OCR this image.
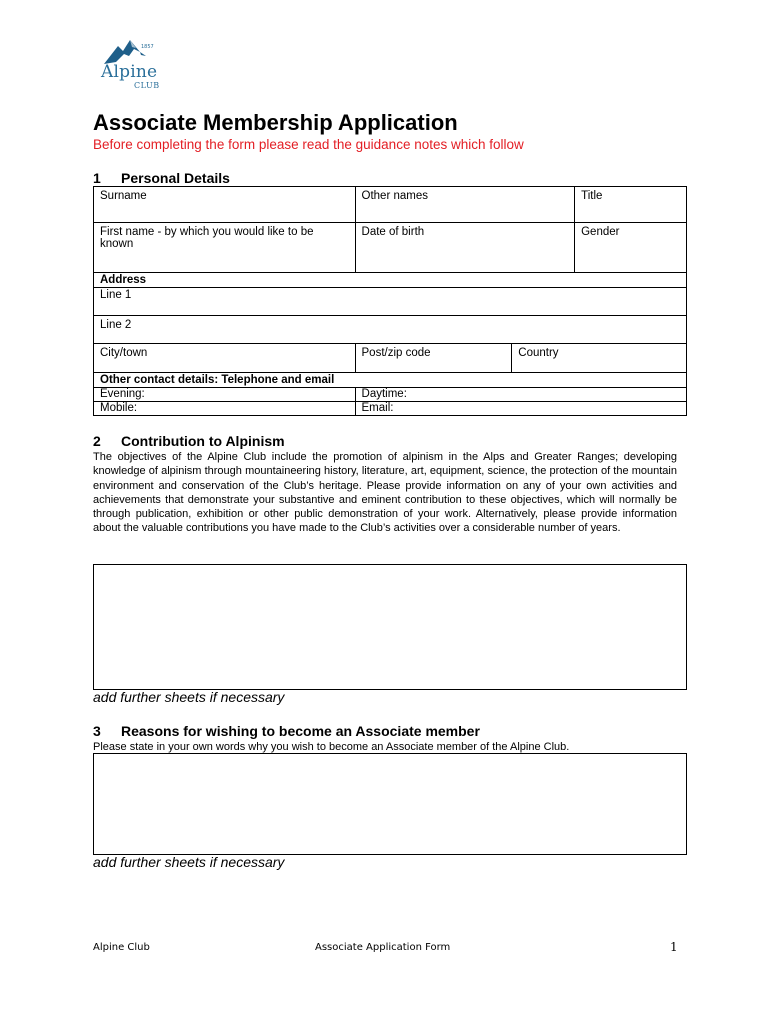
1857
Alpine
CLUB
Associate Membership Application
Before completing the form please read the guidance notes which follow
1 Personal Details
Surname	Other names		Title
First name - by which you would like to be known	Date of birth		Gender
Address			
Line 1			
Line 2			
City/town	Post/zip code	Country	
Other contact details: Telephone and email			
Evening:	Daytime:		
Mobile:	Email:		
2 Contribution to Alpinism
The objectives of the Alpine Club include the promotion of alpinism in the Alps and Greater Ranges; developing knowledge of alpinism through mountaineering history, literature, art, equipment, science, the protection of the mountain environment and conservation of the Club’s heritage. Please provide information on any of your own activities and achievements that demonstrate your substantive and eminent contribution to these objectives, which will normally be through publication, exhibition or other public demonstration of your work. Alternatively, please provide information about the valuable contributions you have made to the Club’s activities over a considerable number of years.
add further sheets if necessary
3 Reasons for wishing to become an Associate member
Please state in your own words why you wish to become an Associate member of the Alpine Club.
add further sheets if necessary
Alpine Club	Associate Application Form	1
